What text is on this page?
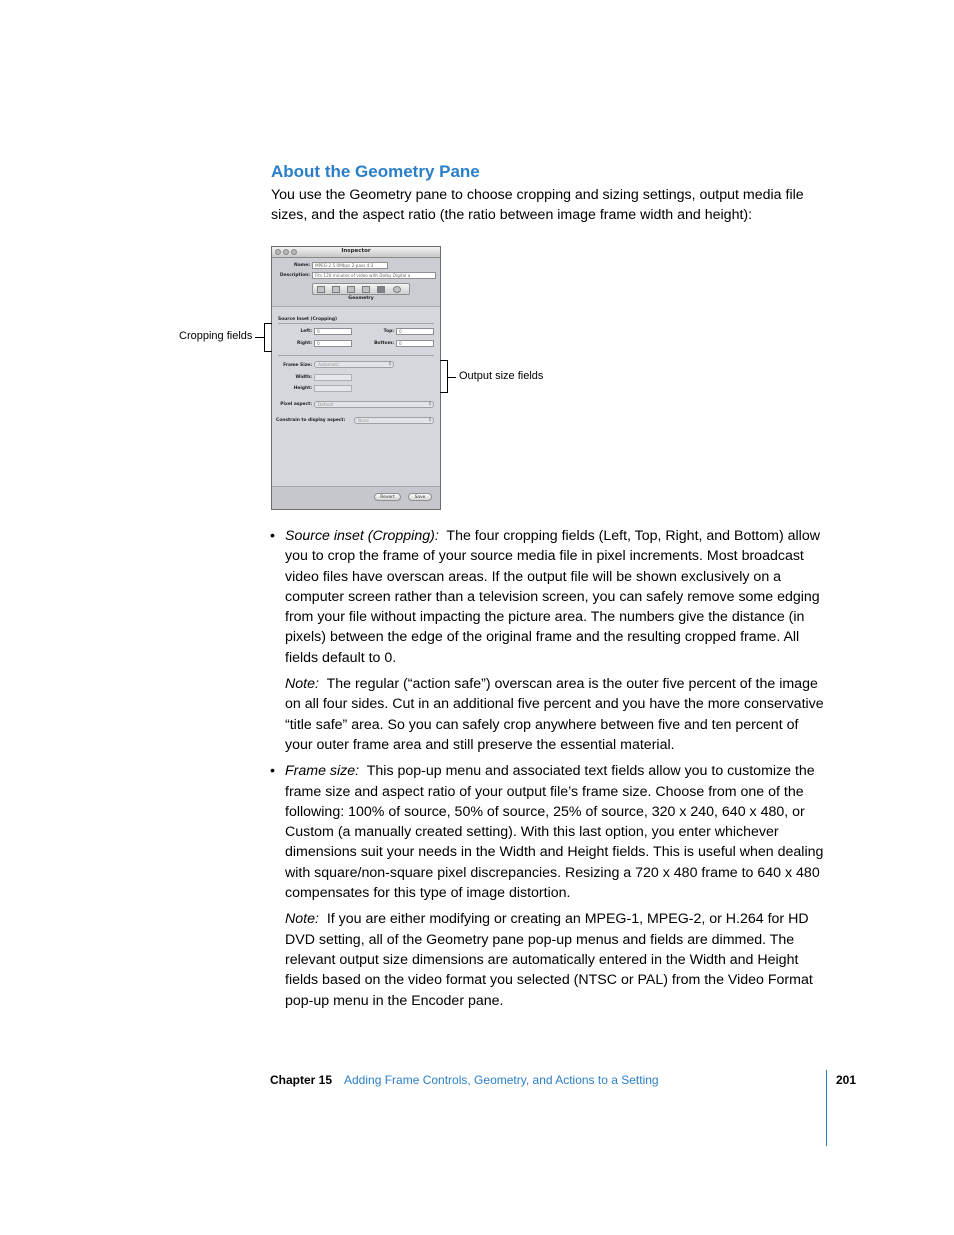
About the Geometry Pane
You use the Geometry pane to choose cropping and sizing settings, output media file sizes, and the aspect ratio (the ratio between image frame width and height):
Inspector
Name:	MPEG-2 5.0Mbps 2-pass 4:3
Description:	Fits 120 minutes of video with Dolby Digital a
Geometry
Source Inset (Cropping)
Left:	0	Top:	0
Right:	0	Bottom:	0
Frame Size:	Automatic ↕
Width:
Height:
Pixel aspect:	Default ↕
Constrain to display aspect:	None ↕
Revert	Save
Cropping fields
Output size fields

• Source inset (Cropping): The four cropping fields (Left, Top, Right, and Bottom) allow you to crop the frame of your source media file in pixel increments. Most broadcast video files have overscan areas. If the output file will be shown exclusively on a computer screen rather than a television screen, you can safely remove some edging from your file without impacting the picture area. The numbers give the distance (in pixels) between the edge of the original frame and the resulting cropped frame. All fields default to 0.

Note: The regular (“action safe”) overscan area is the outer five percent of the image on all four sides. Cut in an additional five percent and you have the more conservative “title safe” area. So you can safely crop anywhere between five and ten percent of your outer frame area and still preserve the essential material.

• Frame size: This pop-up menu and associated text fields allow you to customize the frame size and aspect ratio of your output file’s frame size. Choose from one of the following: 100% of source, 50% of source, 25% of source, 320 x 240, 640 x 480, or Custom (a manually created setting). With this last option, you enter whichever dimensions suit your needs in the Width and Height fields. This is useful when dealing with square/non-square pixel discrepancies. Resizing a 720 x 480 frame to 640 x 480 compensates for this type of image distortion.

Note: If you are either modifying or creating an MPEG-1, MPEG-2, or H.264 for HD DVD setting, all of the Geometry pane pop-up menus and fields are dimmed. The relevant output size dimensions are automatically entered in the Width and Height fields based on the video format you selected (NTSC or PAL) from the Video Format pop-up menu in the Encoder pane.

Chapter 15 Adding Frame Controls, Geometry, and Actions to a Setting	201
